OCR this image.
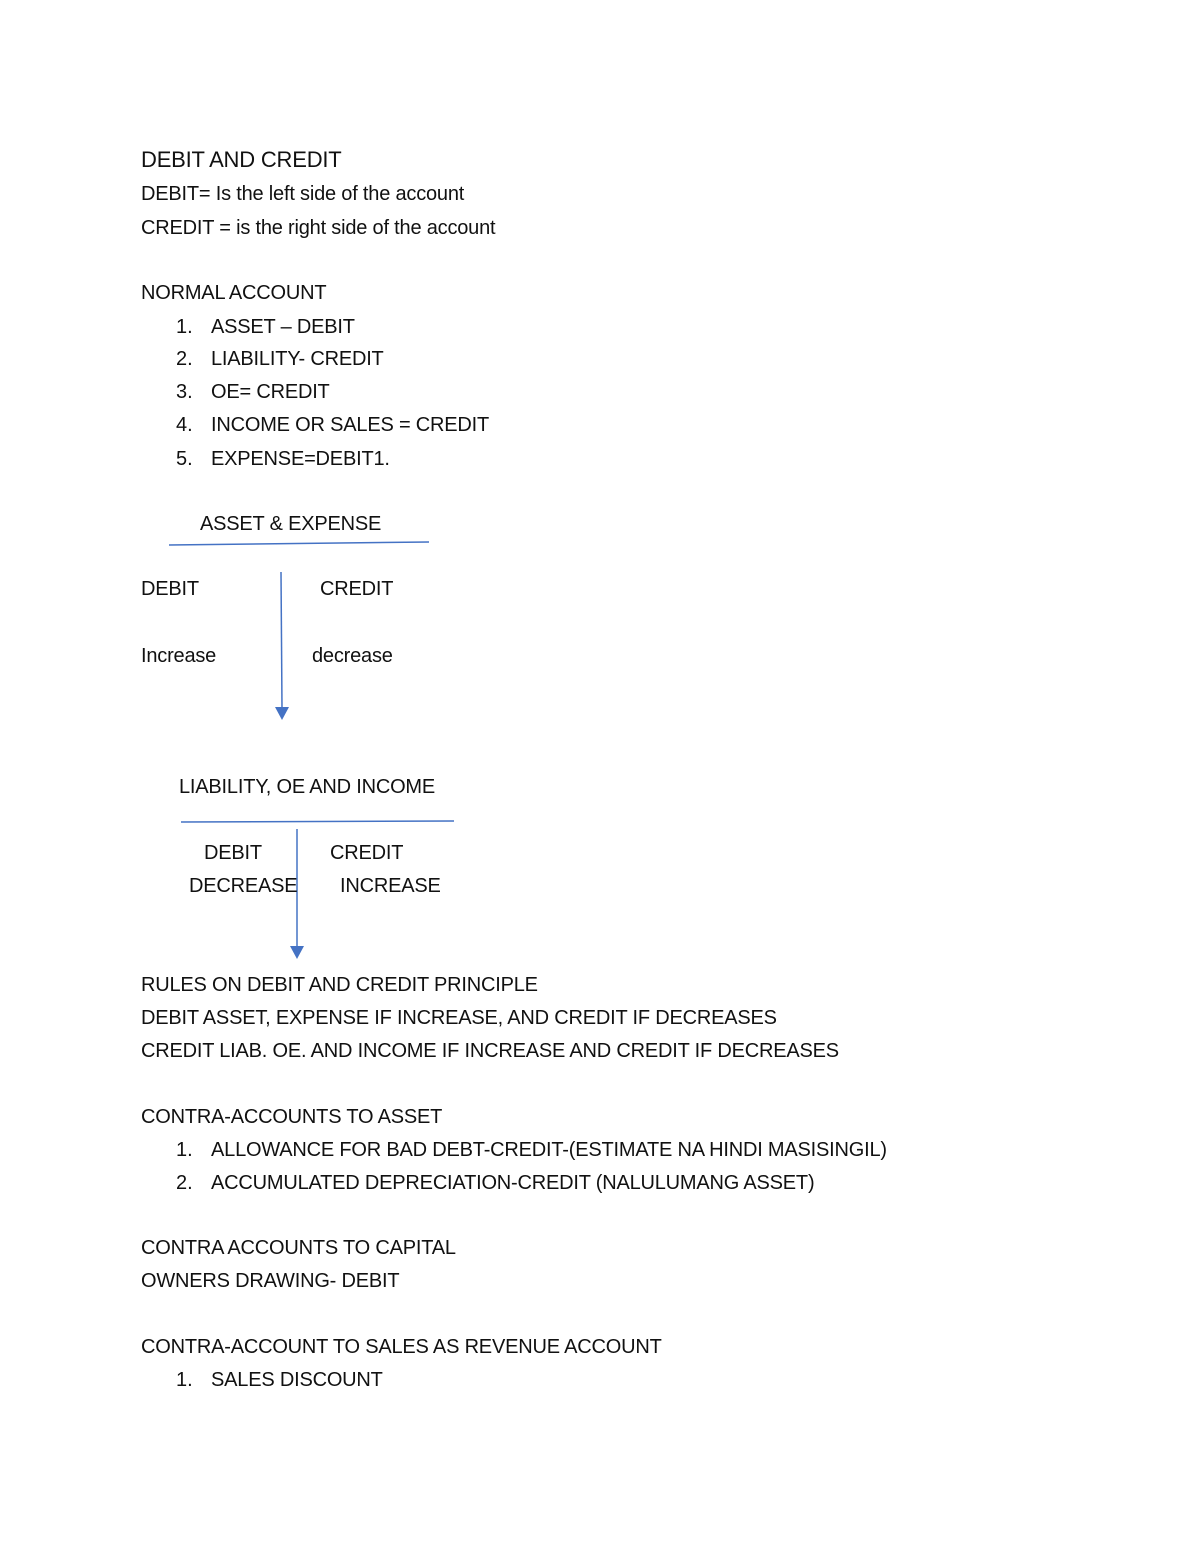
DEBIT AND CREDIT
DEBIT= Is the left side of the account
CREDIT = is the right side of the account
NORMAL ACCOUNT
1. ASSET – DEBIT
2. LIABILITY- CREDIT
3. OE= CREDIT
4. INCOME OR SALES = CREDIT
5. EXPENSE=DEBIT1.
ASSET & EXPENSE
DEBIT	CREDIT
Increase	decrease
LIABILITY, OE AND INCOME
DEBIT	CREDIT
DECREASE INCREASE
RULES ON DEBIT AND CREDIT PRINCIPLE
DEBIT ASSET, EXPENSE IF INCREASE, AND CREDIT IF DECREASES
CREDIT LIAB. OE. AND INCOME IF INCREASE AND CREDIT IF DECREASES
CONTRA-ACCOUNTS TO ASSET
1. ALLOWANCE FOR BAD DEBT-CREDIT-(ESTIMATE NA HINDI MASISINGIL)
2. ACCUMULATED DEPRECIATION-CREDIT (NALULUMANG ASSET)
CONTRA ACCOUNTS TO CAPITAL
OWNERS DRAWING- DEBIT
CONTRA-ACCOUNT TO SALES AS REVENUE ACCOUNT
1. SALES DISCOUNT
